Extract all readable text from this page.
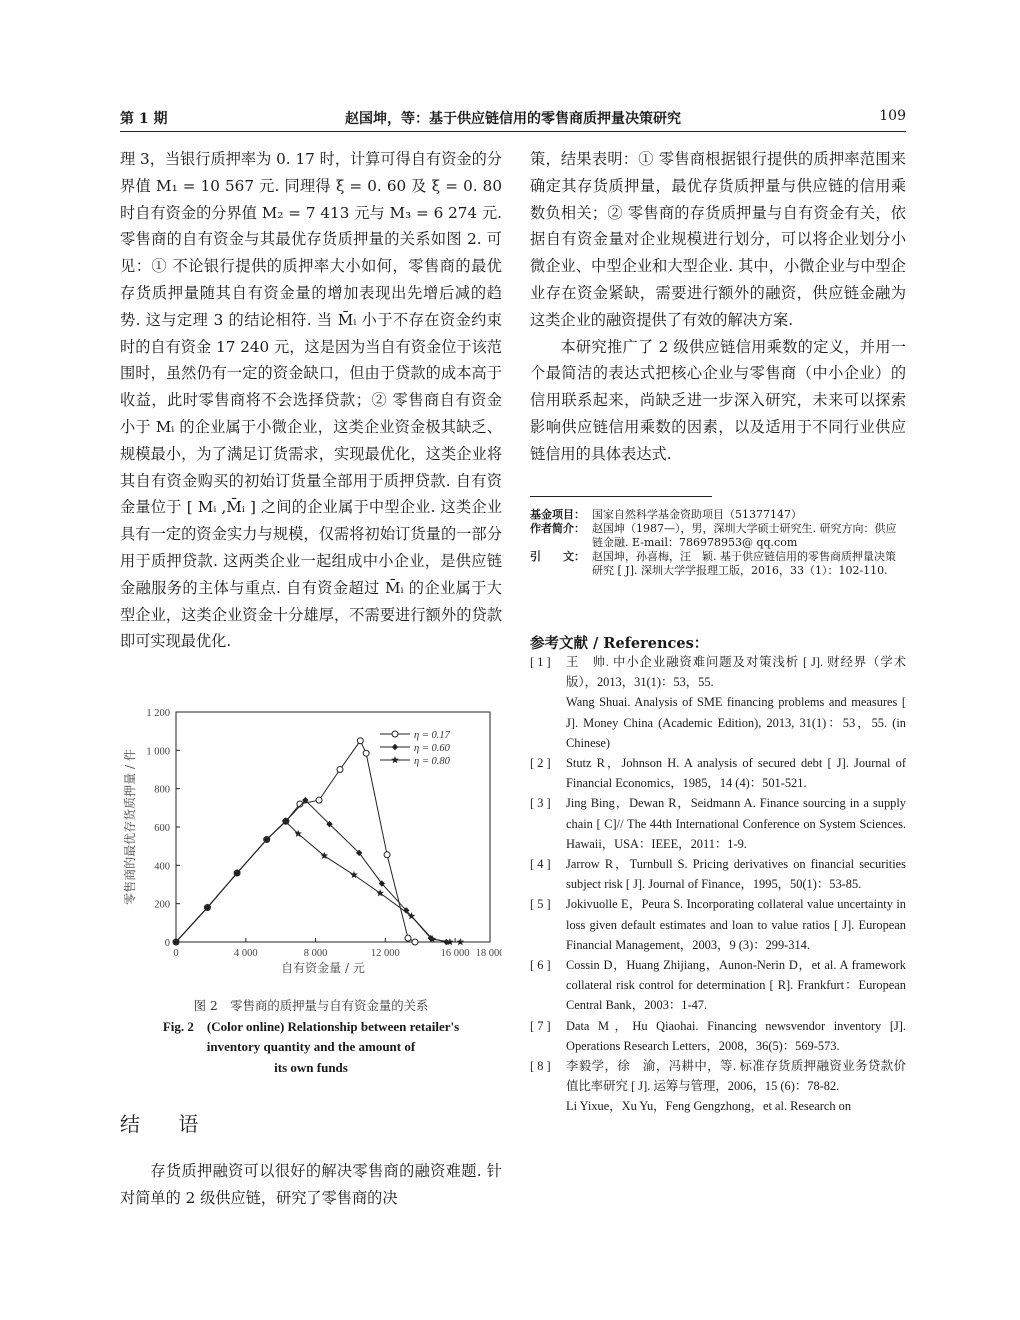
第 1 期	赵国坤，等：基于供应链信用的零售商质押量决策研究	109

理 3，当银行质押率为 0. 17 时，计算可得自有资金的分界值 M₁ = 10 567 元. 同理得 ξ = 0. 60 及 ξ = 0. 80 时自有资金的分界值 M₂ = 7 413 元与 M₃ = 6 274 元. 零售商的自有资金与其最优存货质押量的关系如图 2. 可见：① 不论银行提供的质押率大小如何，零售商的最优存货质押量随其自有资金量的增加表现出先增后减的趋势. 这与定理 3 的结论相符. 当 M̄ᵢ 小于不存在资金约束时的自有资金 17 240 元，这是因为当自有资金位于该范围时，虽然仍有一定的资金缺口，但由于贷款的成本高于收益，此时零售商将不会选择贷款；② 零售商自有资金小于 Mᵢ 的企业属于小微企业，这类企业资金极其缺乏、规模最小，为了满足订货需求，实现最优化，这类企业将其自有资金购买的初始订货量全部用于质押贷款. 自有资金量位于 [ Mᵢ ,M̄ᵢ ] 之间的企业属于中型企业. 这类企业具有一定的资金实力与规模，仅需将初始订货量的一部分用于质押贷款. 这两类企业一起组成中小企业，是供应链金融服务的主体与重点. 自有资金超过 M̄ᵢ 的企业属于大型企业，这类企业资金十分雄厚，不需要进行额外的贷款即可实现最优化.

0	4 000	8 000	12 000	16 000 18 000
0
200
400
600
800
1 000
1 200
自有资金量 / 元
零售商的最优存货质押量 / 件
η = 0.17
η = 0.60
η = 0.80
图 2　零售商的质押量与自有资金量的关系
Fig. 2　(Color online) Relationship between retailer's
inventory quantity and the amount of
its own funds
结 语

存货质押融资可以很好的解决零售商的融资难题. 针对简单的 2 级供应链，研究了零售商的决

策，结果表明：① 零售商根据银行提供的质押率范围来确定其存货质押量，最优存货质押量与供应链的信用乘数负相关；② 零售商的存货质押量与自有资金有关，依据自有资金量对企业规模进行划分，可以将企业划分小微企业、中型企业和大型企业. 其中，小微企业与中型企业存在资金紧缺，需要进行额外的融资，供应链金融为这类企业的融资提供了有效的解决方案.

本研究推广了 2 级供应链信用乘数的定义，并用一个最简洁的表达式把核心企业与零售商（中小企业）的信用联系起来，尚缺乏进一步深入研究，未来可以探索影响供应链信用乘数的因素，以及适用于不同行业供应链信用的具体表达式.

基金项目： 国家自然科学基金资助项目（51377147）
作者简介： 赵国坤（1987—），男，深圳大学硕士研究生. 研究方向：供应链金融. E-mail：786978953@ qq.com
引　　文： 赵国坤，孙喜梅，汪　颖. 基于供应链信用的零售商质押量决策研究 [ J]. 深圳大学学报理工版，2016，33（1）：102-110.
参考文献 / References：
[ 1 ]	王　帅. 中小企业融资难问题及对策浅析 [ J]. 财经界（学术版），2013，31(1)：53，55.
Wang Shuai. Analysis of SME financing problems and measures [ J]. Money China (Academic Edition), 2013, 31(1)：53，55. (in Chinese)
[ 2 ]	Stutz R，Johnson H. A analysis of secured debt [ J]. Journal of Financial Economics，1985，14 (4)：501-521.
[ 3 ]	Jing Bing，Dewan R，Seidmann A. Finance sourcing in a supply chain [ C]// The 44th International Conference on System Sciences. Hawaii，USA：IEEE，2011：1-9.
[ 4 ]	Jarrow R，Turnbull S. Pricing derivatives on financial securities subject risk [ J]. Journal of Finance，1995，50(1)：53-85.
[ 5 ]	Jokivuolle E，Peura S. Incorporating collateral value uncertainty in loss given default estimates and loan to value ratios [ J]. European Financial Management，2003，9 (3)：299-314.
[ 6 ]	Cossin D，Huang Zhijiang，Aunon-Nerin D，et al. A framework collateral risk control for determination [ R]. Frankfurt：European Central Bank，2003：1-47.
[ 7 ]	Data M，Hu Qiaohai. Financing newsvendor inventory [J]. Operations Research Letters，2008，36(5)：569-573.
[ 8 ]	李毅学，徐　渝，冯耕中，等. 标准存货质押融资业务贷款价值比率研究 [ J]. 运筹与管理，2006，15 (6)：78-82.
Li Yixue，Xu Yu，Feng Gengzhong，et al. Research on
